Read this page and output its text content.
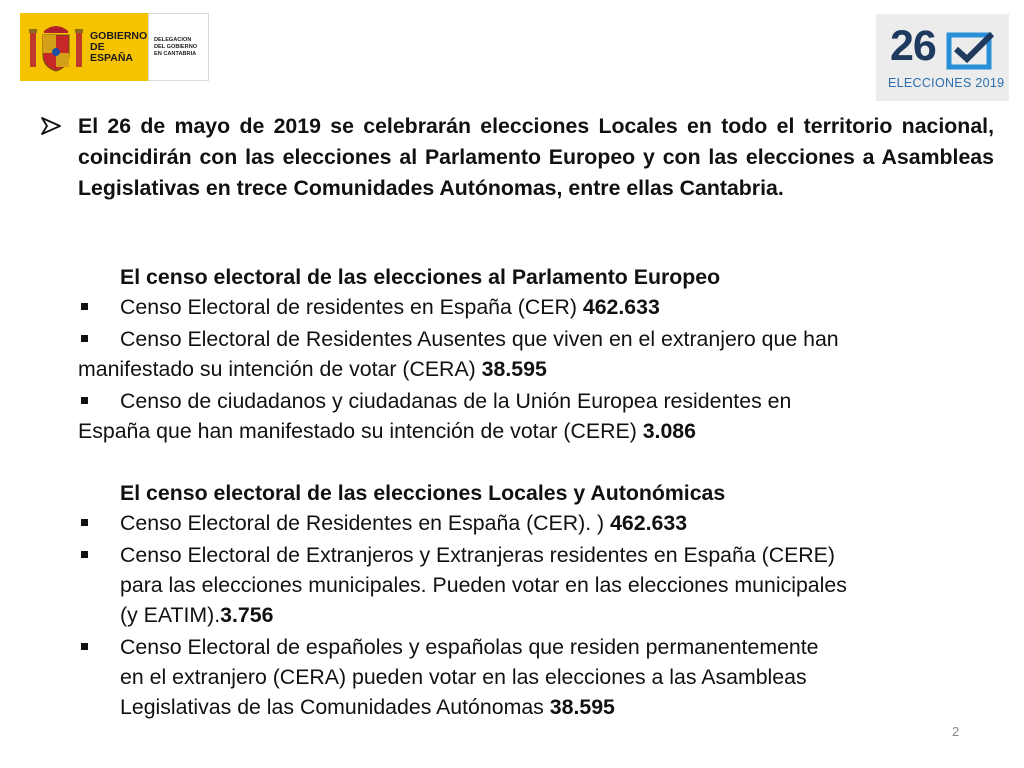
GOBIERNO
DE ESPAÑA
DELEGACION
DEL GOBIERNO
EN CANTABRIA	26
ELECCIONES 2019
El 26 de mayo de 2019 se celebrarán elecciones Locales en todo el territorio nacional, coincidirán con las elecciones al Parlamento Europeo y con las elecciones a Asambleas Legislativas en trece Comunidades Autónomas, entre ellas Cantabria.
El censo electoral de las elecciones al Parlamento Europeo
Censo Electoral de residentes en España (CER) 462.633
Censo Electoral de Residentes Ausentes que viven en el extranjero que han
manifestado su intención de votar (CERA) 38.595
Censo de ciudadanos y ciudadanas de la Unión Europea residentes en
España que han manifestado su intención de votar (CERE) 3.086
El censo electoral de las elecciones Locales y Autonómicas
Censo Electoral de Residentes en España (CER). ) 462.633
Censo Electoral de Extranjeros y Extranjeras residentes en España (CERE)
para las elecciones municipales. Pueden votar en las elecciones municipales
(y EATIM).3.756
Censo Electoral de españoles y españolas que residen permanentemente
en el extranjero (CERA) pueden votar en las elecciones a las Asambleas
Legislativas de las Comunidades Autónomas 38.595
2
